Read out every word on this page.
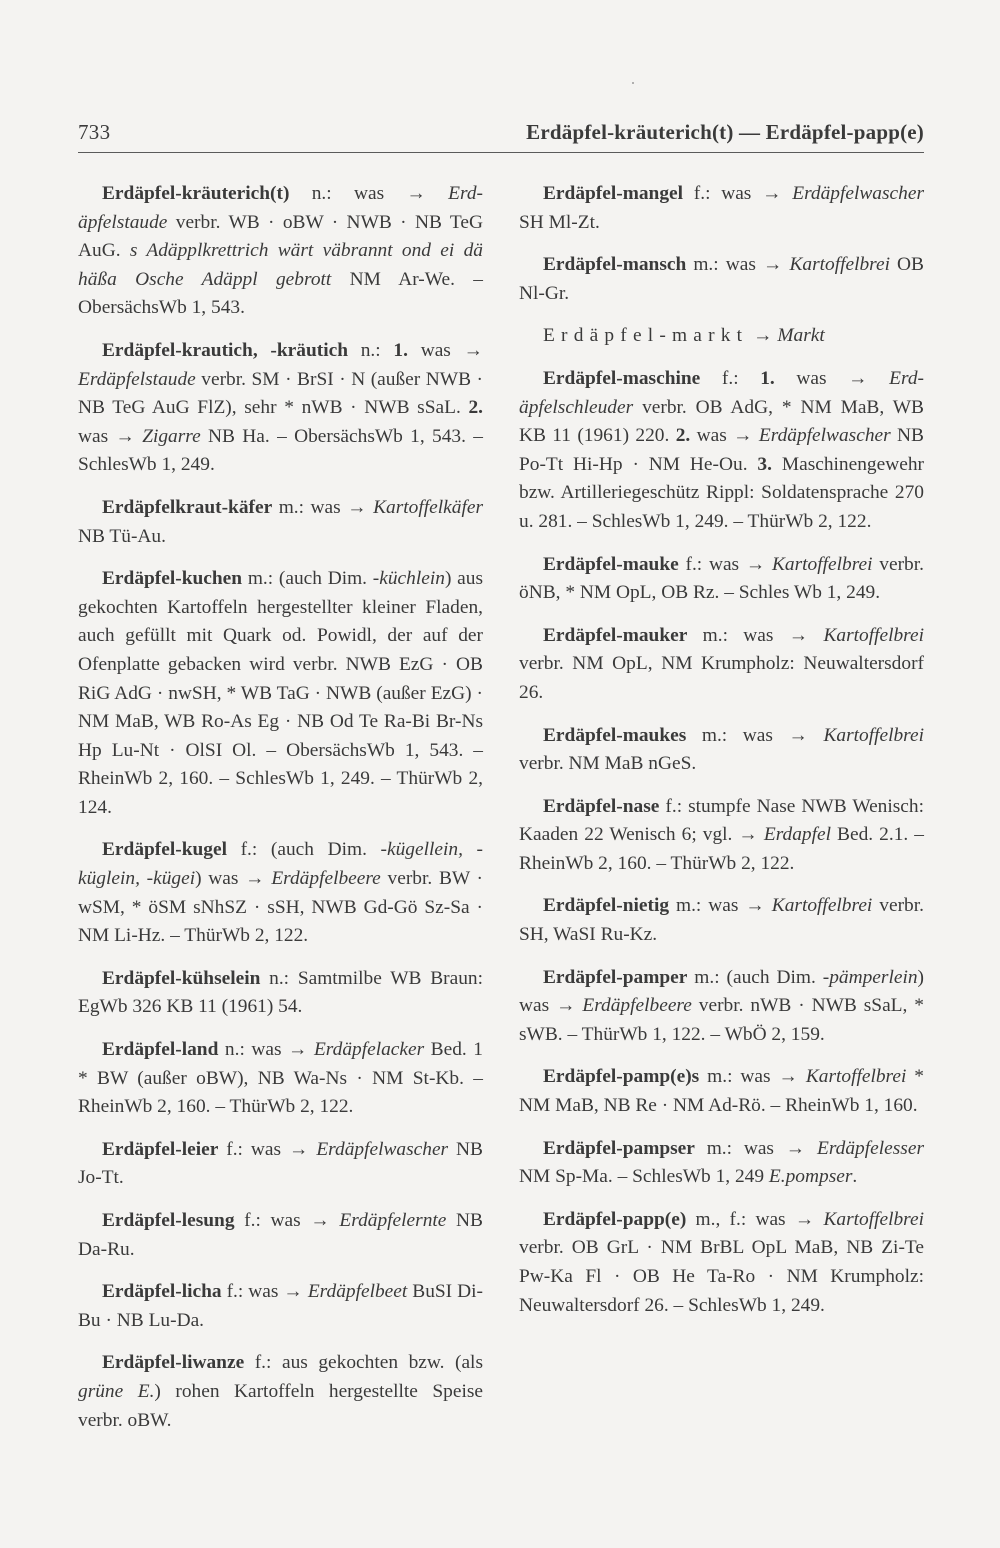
733	Erdäpfel-kräuterich(t) — Erdäpfel-papp(e)

Erdäpfel-kräuterich(t) n.: was → Erdäpfelstaude verbr. WB · oBW · NWB · NB TeG AuG. s Adäpplkrettrich wärt väbrannt ond ei dä häßa Osche Adäppl gebrott NM Ar-We. – ObersächsWb 1, 543.

Erdäpfel-krautich, -kräutich n.: 1. was → Erdäpfelstaude verbr. SM · BrSI · N (außer NWB · NB TeG AuG FlZ), sehr * nWB · NWB sSaL. 2. was → Zigarre NB Ha. – ObersächsWb 1, 543. – SchlesWb 1, 249.

Erdäpfelkraut-käfer m.: was → Kartoffelkäfer NB Tü-Au.

Erdäpfel-kuchen m.: (auch Dim. -küchlein) aus gekochten Kartoffeln hergestellter kleiner Fladen, auch gefüllt mit Quark od. Powidl, der auf der Ofenplatte gebacken wird verbr. NWB EzG · OB RiG AdG · nwSH, * WB TaG · NWB (außer EzG) · NM MaB, WB Ro-As Eg · NB Od Te Ra-Bi Br-Ns Hp Lu-Nt · OlSI Ol. – ObersächsWb 1, 543. – RheinWb 2, 160. – SchlesWb 1, 249. – ThürWb 2, 124.

Erdäpfel-kugel f.: (auch Dim. -kügellein, -küglein, -kügei) was → Erdäpfelbeere verbr. BW · wSM, * öSM sNhSZ · sSH, NWB Gd-Gö Sz-Sa · NM Li-Hz. – ThürWb 2, 122.

Erdäpfel-kühselein n.: Samtmilbe WB Braun: EgWb 326 KB 11 (1961) 54.

Erdäpfel-land n.: was → Erdäpfelacker Bed. 1 * BW (außer oBW), NB Wa-Ns · NM St-Kb. – RheinWb 2, 160. – ThürWb 2, 122.

Erdäpfel-leier f.: was → Erdäpfelwascher NB Jo-Tt.

Erdäpfel-lesung f.: was → Erdäpfelernte NB Da-Ru.

Erdäpfel-licha f.: was → Erdäpfelbeet BuSI Di-Bu · NB Lu-Da.

Erdäpfel-liwanze f.: aus gekochten bzw. (als grüne E.) rohen Kartoffeln hergestellte Speise verbr. oBW.

Erdäpfel-mangel f.: was → Erdäpfelwascher SH Ml-Zt.

Erdäpfel-mansch m.: was → Kartoffelbrei OB Nl-Gr.

Erdäpfel-markt → Markt

Erdäpfel-maschine f.: 1. was → Erdäpfelschleuder verbr. OB AdG, * NM MaB, WB KB 11 (1961) 220. 2. was → Erdäpfelwascher NB Po-Tt Hi-Hp · NM He-Ou. 3. Maschinengewehr bzw. Artilleriegeschütz Rippl: Soldatensprache 270 u. 281. – SchlesWb 1, 249. – ThürWb 2, 122.

Erdäpfel-mauke f.: was → Kartoffelbrei verbr. öNB, * NM OpL, OB Rz. – Schles Wb 1, 249.

Erdäpfel-mauker m.: was → Kartoffelbrei verbr. NM OpL, NM Krumpholz: Neuwaltersdorf 26.

Erdäpfel-maukes m.: was → Kartoffelbrei verbr. NM MaB nGeS.

Erdäpfel-nase f.: stumpfe Nase NWB Wenisch: Kaaden 22 Wenisch 6; vgl. → Erdapfel Bed. 2.1. – RheinWb 2, 160. – ThürWb 2, 122.

Erdäpfel-nietig m.: was → Kartoffelbrei verbr. SH, WaSI Ru-Kz.

Erdäpfel-pamper m.: (auch Dim. -pämperlein) was → Erdäpfelbeere verbr. nWB · NWB sSaL, * sWB. – ThürWb 1, 122. – WbÖ 2, 159.

Erdäpfel-pamp(e)s m.: was → Kartoffelbrei * NM MaB, NB Re · NM Ad-Rö. – RheinWb 1, 160.

Erdäpfel-pampser m.: was → Erdäpfelesser NM Sp-Ma. – SchlesWb 1, 249 E.pompser.

Erdäpfel-papp(e) m., f.: was → Kartoffelbrei verbr. OB GrL · NM BrBL OpL MaB, NB Zi-Te Pw-Ka Fl · OB He Ta-Ro · NM Krumpholz: Neuwaltersdorf 26. – SchlesWb 1, 249.
